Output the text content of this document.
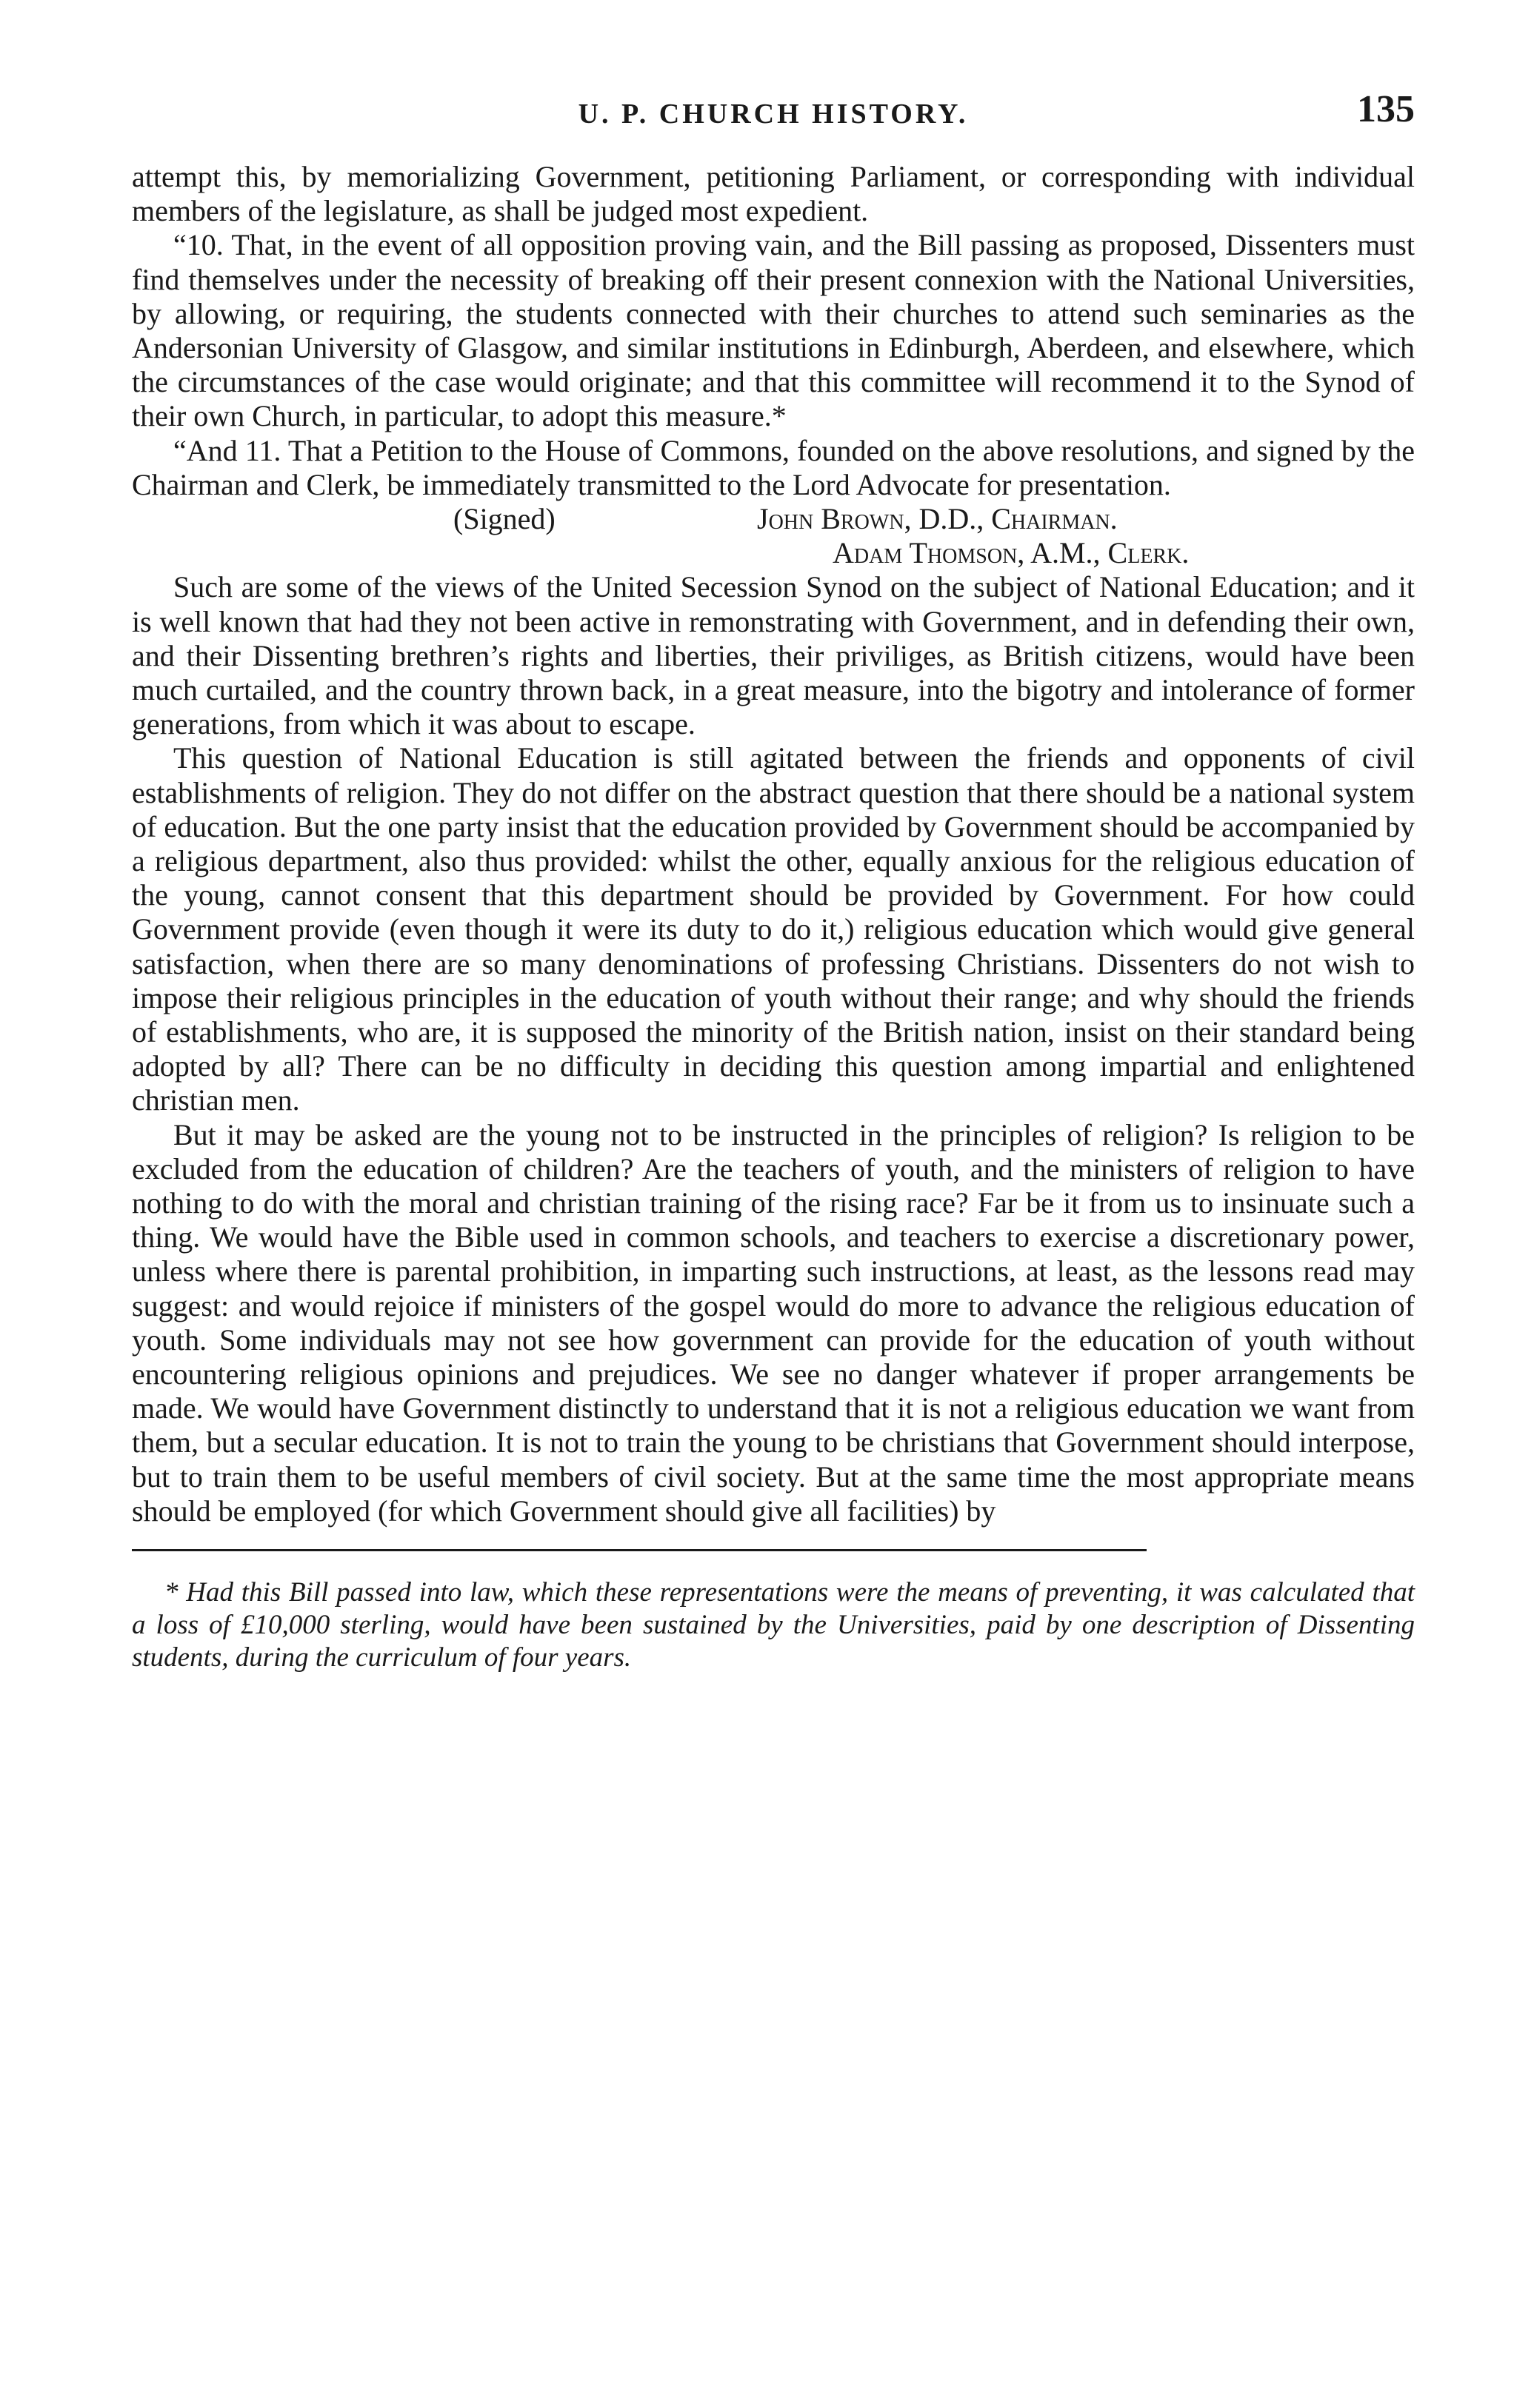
U. P. CHURCH HISTORY.	135

attempt this, by memorializing Government, petitioning Parliament, or corresponding with individual members of the legislature, as shall be judged most expedient.

“10. That, in the event of all opposition proving vain, and the Bill passing as proposed, Dissenters must find themselves under the necessity of breaking off their present connexion with the National Universities, by allowing, or requiring, the students connected with their churches to attend such seminaries as the Andersonian University of Glasgow, and similar institutions in Edinburgh, Aberdeen, and elsewhere, which the circumstances of the case would originate; and that this committee will recommend it to the Synod of their own Church, in particular, to adopt this measure.*

“And 11. That a Petition to the House of Commons, founded on the above resolutions, and signed by the Chairman and Clerk, be immediately transmitted to the Lord Advocate for presentation.

(Signed)	John Brown, D.D., Chairman.
Adam Thomson, A.M., Clerk.

Such are some of the views of the United Secession Synod on the subject of National Education; and it is well known that had they not been active in remonstrating with Government, and in defending their own, and their Dissenting brethren’s rights and liberties, their priviliges, as British citizens, would have been much curtailed, and the country thrown back, in a great measure, into the bigotry and intolerance of former generations, from which it was about to escape.

This question of National Education is still agitated between the friends and opponents of civil establishments of religion. They do not differ on the abstract question that there should be a national system of education. But the one party insist that the education provided by Government should be accompanied by a religious department, also thus provided: whilst the other, equally anxious for the religious education of the young, cannot consent that this department should be provided by Government. For how could Government provide (even though it were its duty to do it,) religious education which would give general satisfaction, when there are so many denominations of professing Christians. Dissenters do not wish to impose their religious principles in the education of youth without their range; and why should the friends of establishments, who are, it is supposed the minority of the British nation, insist on their standard being adopted by all? There can be no difficulty in deciding this question among impartial and enlightened christian men.

But it may be asked are the young not to be instructed in the principles of religion? Is religion to be excluded from the education of children? Are the teachers of youth, and the ministers of religion to have nothing to do with the moral and christian training of the rising race? Far be it from us to insinuate such a thing. We would have the Bible used in common schools, and teachers to exercise a discretionary power, unless where there is parental prohibition, in imparting such instructions, at least, as the lessons read may suggest: and would rejoice if ministers of the gospel would do more to advance the religious education of youth. Some individuals may not see how government can provide for the education of youth without encountering religious opinions and prejudices. We see no danger whatever if proper arrangements be made. We would have Government distinctly to understand that it is not a religious education we want from them, but a secular education. It is not to train the young to be christians that Government should interpose, but to train them to be useful members of civil society. But at the same time the most appropriate means should be employed (for which Government should give all facilities) by

* Had this Bill passed into law, which these representations were the means of preventing, it was calculated that a loss of £10,000 sterling, would have been sustained by the Universities, paid by one description of Dissenting students, during the curriculum of four years.
